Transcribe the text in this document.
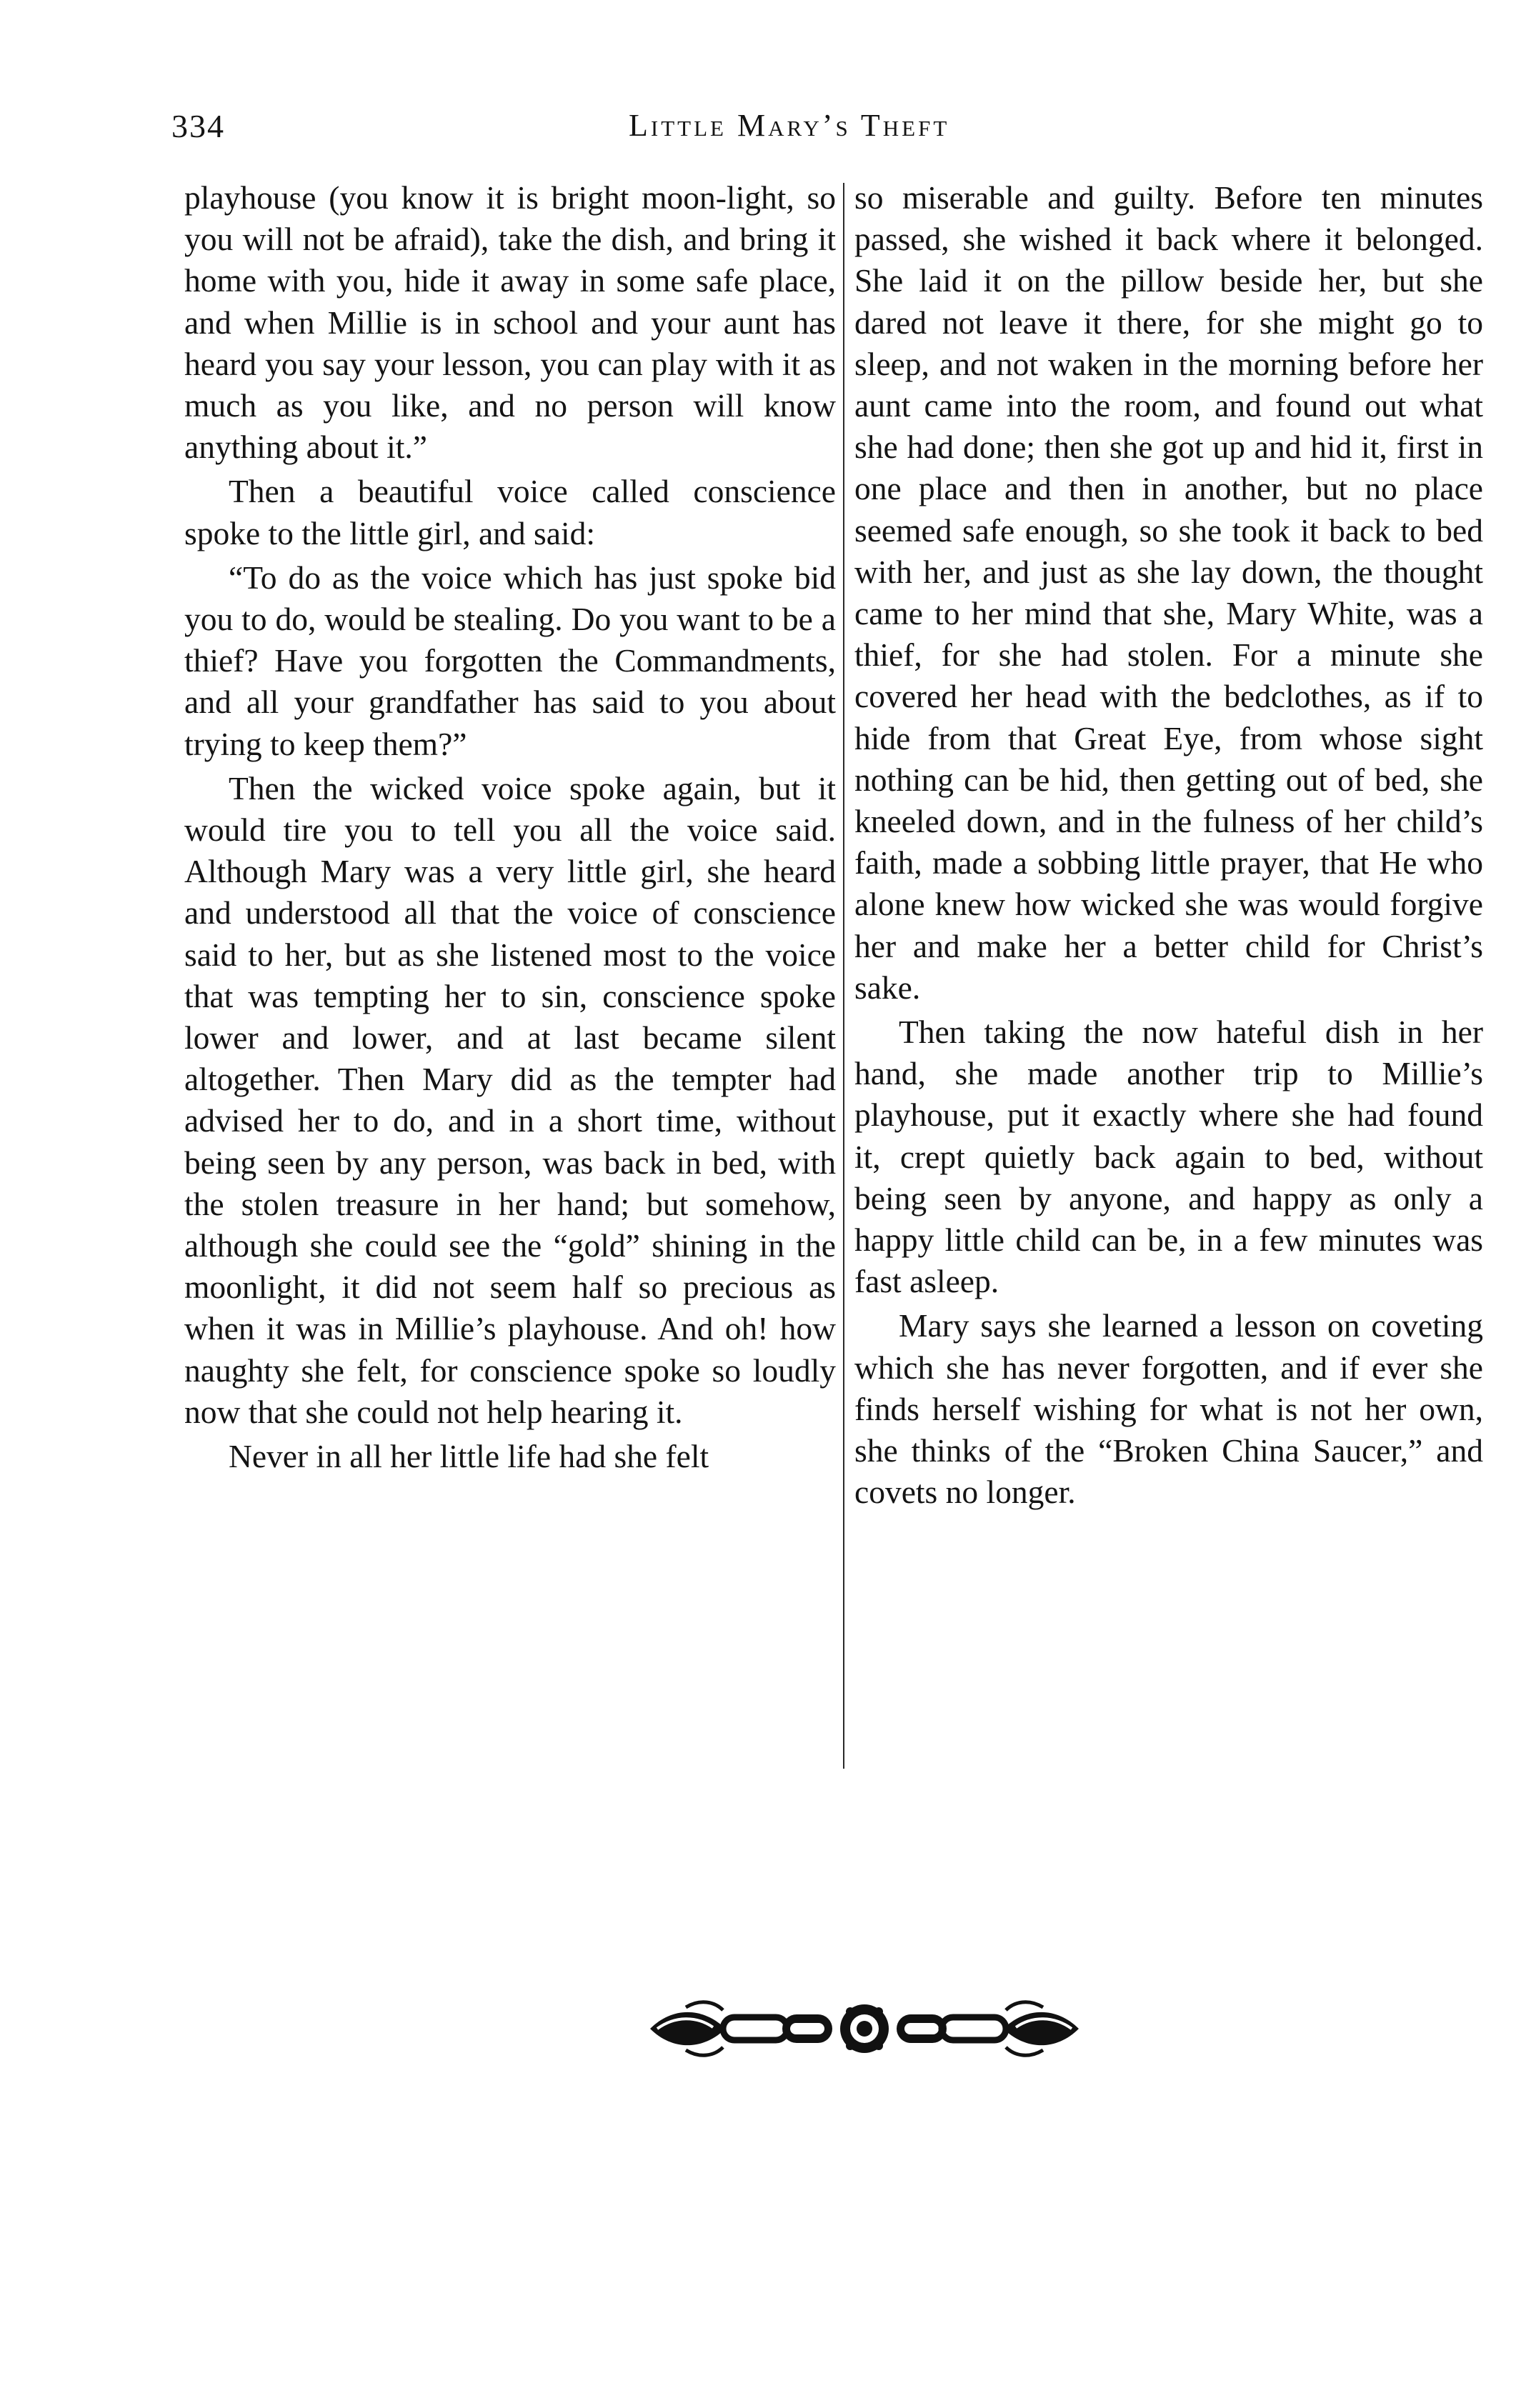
334	Little Mary’s Theft

playhouse (you know it is bright moon-light, so you will not be afraid), take the dish, and bring it home with you, hide it away in some safe place, and when Millie is in school and your aunt has heard you say your lesson, you can play with it as much as you like, and no person will know anything about it.”

Then a beautiful voice called conscience spoke to the little girl, and said:

“To do as the voice which has just spoke bid you to do, would be stealing. Do you want to be a thief? Have you forgotten the Commandments, and all your grandfather has said to you about trying to keep them?”

Then the wicked voice spoke again, but it would tire you to tell you all the voice said. Although Mary was a very little girl, she heard and understood all that the voice of conscience said to her, but as she listened most to the voice that was tempting her to sin, conscience spoke lower and lower, and at last became silent altogether. Then Mary did as the tempter had advised her to do, and in a short time, without being seen by any person, was back in bed, with the stolen treasure in her hand; but somehow, although she could see the “gold” shining in the moonlight, it did not seem half so precious as when it was in Millie’s playhouse. And oh! how naughty she felt, for conscience spoke so loudly now that she could not help hearing it.

Never in all her little life had she felt

so miserable and guilty. Before ten minutes passed, she wished it back where it belonged. She laid it on the pillow beside her, but she dared not leave it there, for she might go to sleep, and not waken in the morning before her aunt came into the room, and found out what she had done; then she got up and hid it, first in one place and then in another, but no place seemed safe enough, so she took it back to bed with her, and just as she lay down, the thought came to her mind that she, Mary White, was a thief, for she had stolen. For a minute she covered her head with the bedclothes, as if to hide from that Great Eye, from whose sight nothing can be hid, then getting out of bed, she kneeled down, and in the fulness of her child’s faith, made a sobbing little prayer, that He who alone knew how wicked she was would forgive her and make her a better child for Christ’s sake.

Then taking the now hateful dish in her hand, she made another trip to Millie’s playhouse, put it exactly where she had found it, crept quietly back again to bed, without being seen by anyone, and happy as only a happy little child can be, in a few minutes was fast asleep.

Mary says she learned a lesson on coveting which she has never forgotten, and if ever she finds herself wishing for what is not her own, she thinks of the “Broken China Saucer,” and covets no longer.
